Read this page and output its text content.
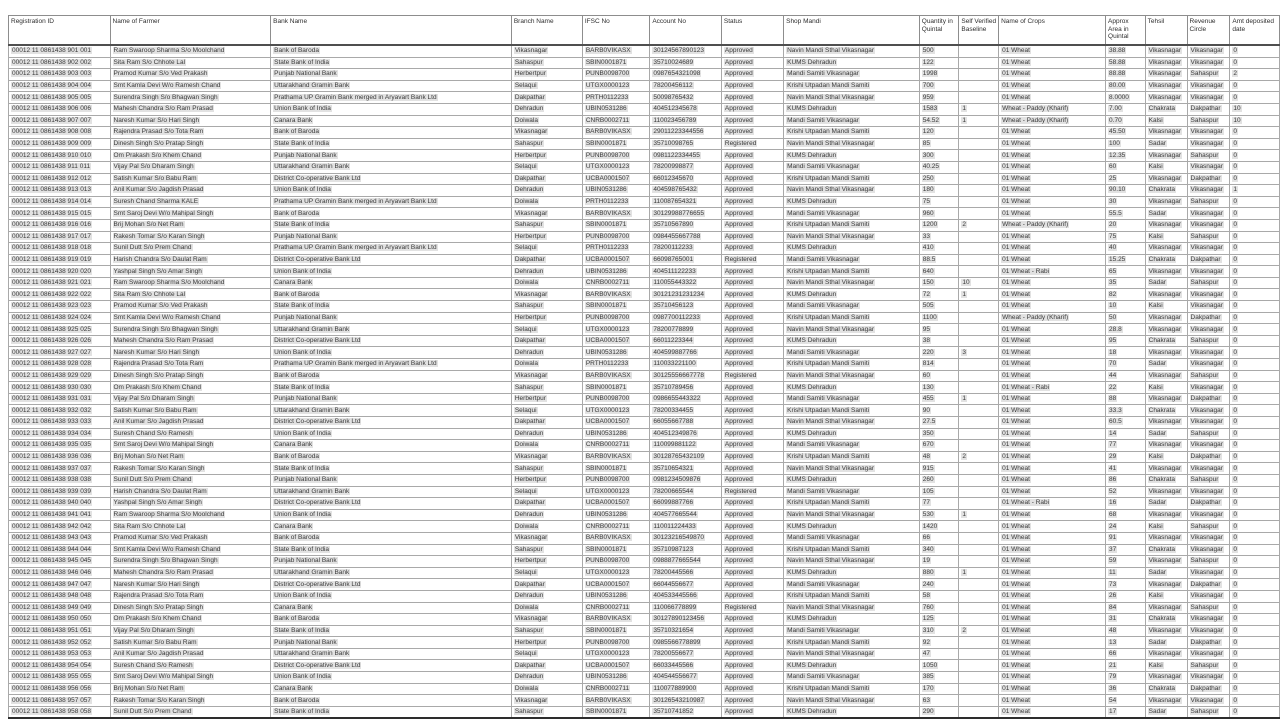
Registration ID	Name of Farmer	Bank Name	Branch Name	IFSC No	Account No	Status	Shop Mandi	Quantity in Quintal	Self Verified Baseline	Name of Crops	Approx Area in Quintal	Tehsil	Revenue Circle	Amt deposited date
00012 11 0861438 901 001	Ram Swaroop Sharma S/o Moolchand	Bank of Baroda	Vikasnagar	BARB0VIKASX	30124567890123	Approved	Navin Mandi Sthal Vikasnagar	500		01 Wheat	38.88	Vikasnagar	Vikasnagar	0
00012 11 0861438 902 002	Sita Ram S/o Chhote Lal	State Bank of India	Sahaspur	SBIN0001871	35710024689	Approved	KUMS Dehradun	122		01 Wheat	58.88	Vikasnagar	Vikasnagar	0
00012 11 0861438 903 003	Pramod Kumar S/o Ved Prakash	Punjab National Bank	Herbertpur	PUNB0098700	0987654321098	Approved	Mandi Samiti Vikasnagar	1998		01 Wheat	88.88	Vikasnagar	Sahaspur	2
00012 11 0861438 904 004	Smt Kamla Devi W/o Ramesh Chand	Uttarakhand Gramin Bank	Selaqui	UTGX0000123	78200456112	Approved	Krishi Utpadan Mandi Samiti	700		01 Wheat	80.00	Vikasnagar	Vikasnagar	0
00012 11 0861438 905 005	Surendra Singh S/o Bhagwan Singh	Prathama UP Gramin Bank merged in Aryavart Bank Ltd	Dakpathar	PRTH0112233	50098765432	Approved	Navin Mandi Sthal Vikasnagar	959		01 Wheat	8.0000	Vikasnagar	Vikasnagar	0
00012 11 0861438 906 006	Mahesh Chandra S/o Ram Prasad	Union Bank of India	Dehradun	UBIN0531286	404512345678	Approved	KUMS Dehradun	1583	1	Wheat - Paddy (Kharif)	7.00	Chakrata	Dakpathar	10
00012 11 0861438 907 007	Naresh Kumar S/o Hari Singh	Canara Bank	Doiwala	CNRB0002711	110023456789	Approved	Mandi Samiti Vikasnagar	54.52	1	Wheat - Paddy (Kharif)	0.70	Kalsi	Sahaspur	10
00012 11 0861438 908 008	Rajendra Prasad S/o Tota Ram	Bank of Baroda	Vikasnagar	BARB0VIKASX	29011223344556	Approved	Krishi Utpadan Mandi Samiti	120		01 Wheat	45.50	Vikasnagar	Vikasnagar	0
00012 11 0861438 909 009	Dinesh Singh S/o Pratap Singh	State Bank of India	Sahaspur	SBIN0001871	35710098765	Registered	Navin Mandi Sthal Vikasnagar	85		01 Wheat	100	Sadar	Vikasnagar	0
00012 11 0861438 910 010	Om Prakash S/o Khem Chand	Punjab National Bank	Herbertpur	PUNB0098700	0981122334455	Approved	KUMS Dehradun	300		01 Wheat	12.35	Vikasnagar	Sahaspur	0
00012 11 0861438 911 011	Vijay Pal S/o Dharam Singh	Uttarakhand Gramin Bank	Selaqui	UTGX0000123	78200998877	Approved	Mandi Samiti Vikasnagar	40.25		01 Wheat	60	Kalsi	Vikasnagar	0
00012 11 0861438 912 012	Satish Kumar S/o Babu Ram	District Co-operative Bank Ltd	Dakpathar	UCBA0001507	66012345670	Approved	Krishi Utpadan Mandi Samiti	250		01 Wheat	25	Vikasnagar	Dakpathar	0
00012 11 0861438 913 013	Anil Kumar S/o Jagdish Prasad	Union Bank of India	Dehradun	UBIN0531286	404598765432	Approved	Navin Mandi Sthal Vikasnagar	180		01 Wheat	90.10	Chakrata	Vikasnagar	1
00012 11 0861438 914 014	Suresh Chand Sharma KALE	Prathama UP Gramin Bank merged in Aryavart Bank Ltd	Doiwala	PRTH0112233	110087654321	Approved	KUMS Dehradun	75		01 Wheat	30	Vikasnagar	Sahaspur	0
00012 11 0861438 915 015	Smt Saroj Devi W/o Mahipal Singh	Bank of Baroda	Vikasnagar	BARB0VIKASX	30129988776655	Approved	Mandi Samiti Vikasnagar	960		01 Wheat	55.5	Sadar	Vikasnagar	0
00012 11 0861438 916 016	Brij Mohan S/o Net Ram	State Bank of India	Sahaspur	SBIN0001871	35710567890	Approved	Krishi Utpadan Mandi Samiti	1200	2	Wheat - Paddy (Kharif)	20	Vikasnagar	Vikasnagar	0
00012 11 0861438 917 017	Rakesh Tomar S/o Karan Singh	Punjab National Bank	Herbertpur	PUNB0098700	0984455667788	Approved	Navin Mandi Sthal Vikasnagar	33		01 Wheat	75	Kalsi	Sahaspur	0
00012 11 0861438 918 018	Sunil Dutt S/o Prem Chand	Prathama UP Gramin Bank merged in Aryavart Bank Ltd	Selaqui	PRTH0112233	78200112233	Approved	KUMS Dehradun	410		01 Wheat	40	Vikasnagar	Vikasnagar	0
00012 11 0861438 919 019	Harish Chandra S/o Daulat Ram	District Co-operative Bank Ltd	Dakpathar	UCBA0001507	66098765001	Registered	Mandi Samiti Vikasnagar	88.5		01 Wheat	15.25	Chakrata	Dakpathar	0
00012 11 0861438 920 020	Yashpal Singh S/o Amar Singh	Union Bank of India	Dehradun	UBIN0531286	404511122233	Approved	Krishi Utpadan Mandi Samiti	640		01 Wheat - Rabi	65	Vikasnagar	Vikasnagar	0
00012 11 0861438 921 021	Ram Swaroop Sharma S/o Moolchand	Canara Bank	Doiwala	CNRB0002711	110055443322	Approved	Navin Mandi Sthal Vikasnagar	150	10	01 Wheat	35	Sadar	Sahaspur	0
00012 11 0861438 922 022	Sita Ram S/o Chhote Lal	Bank of Baroda	Vikasnagar	BARB0VIKASX	30121231231234	Approved	KUMS Dehradun	72	1	01 Wheat	82	Vikasnagar	Vikasnagar	0
00012 11 0861438 923 023	Pramod Kumar S/o Ved Prakash	State Bank of India	Sahaspur	SBIN0001871	35710456123	Approved	Mandi Samiti Vikasnagar	505		01 Wheat	10	Kalsi	Vikasnagar	0
00012 11 0861438 924 024	Smt Kamla Devi W/o Ramesh Chand	Punjab National Bank	Herbertpur	PUNB0098700	0987700112233	Approved	Krishi Utpadan Mandi Samiti	1100		Wheat - Paddy (Kharif)	50	Vikasnagar	Dakpathar	0
00012 11 0861438 925 025	Surendra Singh S/o Bhagwan Singh	Uttarakhand Gramin Bank	Selaqui	UTGX0000123	78200778899	Approved	Navin Mandi Sthal Vikasnagar	95		01 Wheat	28.8	Vikasnagar	Vikasnagar	0
00012 11 0861438 926 026	Mahesh Chandra S/o Ram Prasad	District Co-operative Bank Ltd	Dakpathar	UCBA0001507	66011223344	Approved	KUMS Dehradun	38		01 Wheat	95	Chakrata	Sahaspur	0
00012 11 0861438 927 027	Naresh Kumar S/o Hari Singh	Union Bank of India	Dehradun	UBIN0531286	404599887766	Approved	Mandi Samiti Vikasnagar	220	3	01 Wheat	18	Vikasnagar	Vikasnagar	0
00012 11 0861438 928 028	Rajendra Prasad S/o Tota Ram	Prathama UP Gramin Bank merged in Aryavart Bank Ltd	Doiwala	PRTH0112233	110033221100	Approved	Krishi Utpadan Mandi Samiti	814		01 Wheat	70	Sadar	Vikasnagar	0
00012 11 0861438 929 029	Dinesh Singh S/o Pratap Singh	Bank of Baroda	Vikasnagar	BARB0VIKASX	30125556667778	Registered	Navin Mandi Sthal Vikasnagar	60		01 Wheat	44	Vikasnagar	Sahaspur	0
00012 11 0861438 930 030	Om Prakash S/o Khem Chand	State Bank of India	Sahaspur	SBIN0001871	35710789456	Approved	KUMS Dehradun	130		01 Wheat - Rabi	22	Kalsi	Vikasnagar	0
00012 11 0861438 931 031	Vijay Pal S/o Dharam Singh	Punjab National Bank	Herbertpur	PUNB0098700	0986655443322	Approved	Mandi Samiti Vikasnagar	455	1	01 Wheat	88	Vikasnagar	Dakpathar	0
00012 11 0861438 932 032	Satish Kumar S/o Babu Ram	Uttarakhand Gramin Bank	Selaqui	UTGX0000123	78200334455	Approved	Krishi Utpadan Mandi Samiti	90		01 Wheat	33.3	Chakrata	Vikasnagar	0
00012 11 0861438 933 033	Anil Kumar S/o Jagdish Prasad	District Co-operative Bank Ltd	Dakpathar	UCBA0001507	66055667788	Approved	Navin Mandi Sthal Vikasnagar	27.5		01 Wheat	60.5	Vikasnagar	Vikasnagar	0
00012 11 0861438 934 034	Suresh Chand S/o Ramesh	Union Bank of India	Dehradun	UBIN0531286	404512349876	Approved	KUMS Dehradun	350		01 Wheat	14	Sadar	Sahaspur	0
00012 11 0861438 935 035	Smt Saroj Devi W/o Mahipal Singh	Canara Bank	Doiwala	CNRB0002711	110099881122	Approved	Mandi Samiti Vikasnagar	670		01 Wheat	77	Vikasnagar	Vikasnagar	0
00012 11 0861438 936 036	Brij Mohan S/o Net Ram	Bank of Baroda	Vikasnagar	BARB0VIKASX	30128765432109	Approved	Krishi Utpadan Mandi Samiti	48	2	01 Wheat	29	Kalsi	Dakpathar	0
00012 11 0861438 937 037	Rakesh Tomar S/o Karan Singh	State Bank of India	Sahaspur	SBIN0001871	35710654321	Approved	Navin Mandi Sthal Vikasnagar	915		01 Wheat	41	Vikasnagar	Vikasnagar	0
00012 11 0861438 938 038	Sunil Dutt S/o Prem Chand	Punjab National Bank	Herbertpur	PUNB0098700	0981234509876	Approved	KUMS Dehradun	260		01 Wheat	86	Chakrata	Sahaspur	0
00012 11 0861438 939 039	Harish Chandra S/o Daulat Ram	Uttarakhand Gramin Bank	Selaqui	UTGX0000123	78200665544	Registered	Mandi Samiti Vikasnagar	105		01 Wheat	52	Vikasnagar	Vikasnagar	0
00012 11 0861438 940 040	Yashpal Singh S/o Amar Singh	District Co-operative Bank Ltd	Dakpathar	UCBA0001507	66099887766	Approved	Krishi Utpadan Mandi Samiti	77		01 Wheat - Rabi	16	Sadar	Dakpathar	0
00012 11 0861438 941 041	Ram Swaroop Sharma S/o Moolchand	Union Bank of India	Dehradun	UBIN0531286	404577665544	Approved	Navin Mandi Sthal Vikasnagar	530	1	01 Wheat	68	Vikasnagar	Vikasnagar	0
00012 11 0861438 942 042	Sita Ram S/o Chhote Lal	Canara Bank	Doiwala	CNRB0002711	110011224433	Approved	KUMS Dehradun	1420		01 Wheat	24	Kalsi	Sahaspur	0
00012 11 0861438 943 043	Pramod Kumar S/o Ved Prakash	Bank of Baroda	Vikasnagar	BARB0VIKASX	30123216549870	Approved	Mandi Samiti Vikasnagar	66		01 Wheat	91	Vikasnagar	Vikasnagar	0
00012 11 0861438 944 044	Smt Kamla Devi W/o Ramesh Chand	State Bank of India	Sahaspur	SBIN0001871	35710987123	Approved	Krishi Utpadan Mandi Samiti	340		01 Wheat	37	Chakrata	Vikasnagar	0
00012 11 0861438 945 045	Surendra Singh S/o Bhagwan Singh	Punjab National Bank	Herbertpur	PUNB0098700	0988877665544	Approved	Navin Mandi Sthal Vikasnagar	19		01 Wheat	59	Vikasnagar	Sahaspur	0
00012 11 0861438 946 046	Mahesh Chandra S/o Ram Prasad	Uttarakhand Gramin Bank	Selaqui	UTGX0000123	78200445566	Approved	KUMS Dehradun	880	1	01 Wheat	11	Sadar	Vikasnagar	0
00012 11 0861438 947 047	Naresh Kumar S/o Hari Singh	District Co-operative Bank Ltd	Dakpathar	UCBA0001507	66044556677	Approved	Mandi Samiti Vikasnagar	240		01 Wheat	73	Vikasnagar	Dakpathar	0
00012 11 0861438 948 048	Rajendra Prasad S/o Tota Ram	Union Bank of India	Dehradun	UBIN0531286	404533445566	Approved	Krishi Utpadan Mandi Samiti	58		01 Wheat	26	Kalsi	Vikasnagar	0
00012 11 0861438 949 049	Dinesh Singh S/o Pratap Singh	Canara Bank	Doiwala	CNRB0002711	110066778899	Registered	Navin Mandi Sthal Vikasnagar	760		01 Wheat	84	Vikasnagar	Sahaspur	0
00012 11 0861438 950 050	Om Prakash S/o Khem Chand	Bank of Baroda	Vikasnagar	BARB0VIKASX	30127890123456	Approved	KUMS Dehradun	125		01 Wheat	31	Chakrata	Vikasnagar	0
00012 11 0861438 951 051	Vijay Pal S/o Dharam Singh	State Bank of India	Sahaspur	SBIN0001871	35710321654	Approved	Mandi Samiti Vikasnagar	310	2	01 Wheat	48	Vikasnagar	Vikasnagar	0
00012 11 0861438 952 052	Satish Kumar S/o Babu Ram	Punjab National Bank	Herbertpur	PUNB0098700	0985566778899	Approved	Krishi Utpadan Mandi Samiti	92		01 Wheat	13	Sadar	Dakpathar	0
00012 11 0861438 953 053	Anil Kumar S/o Jagdish Prasad	Uttarakhand Gramin Bank	Selaqui	UTGX0000123	78200556677	Approved	Navin Mandi Sthal Vikasnagar	47		01 Wheat	66	Vikasnagar	Vikasnagar	0
00012 11 0861438 954 054	Suresh Chand S/o Ramesh	District Co-operative Bank Ltd	Dakpathar	UCBA0001507	66033445566	Approved	KUMS Dehradun	1050		01 Wheat	21	Kalsi	Sahaspur	0
00012 11 0861438 955 055	Smt Saroj Devi W/o Mahipal Singh	Union Bank of India	Dehradun	UBIN0531286	404544556677	Approved	Mandi Samiti Vikasnagar	385		01 Wheat	79	Vikasnagar	Vikasnagar	0
00012 11 0861438 956 056	Brij Mohan S/o Net Ram	Canara Bank	Doiwala	CNRB0002711	110077889900	Approved	Krishi Utpadan Mandi Samiti	170		01 Wheat	36	Chakrata	Dakpathar	0
00012 11 0861438 957 057	Rakesh Tomar S/o Karan Singh	Bank of Baroda	Vikasnagar	BARB0VIKASX	30126543210987	Approved	Navin Mandi Sthal Vikasnagar	63		01 Wheat	54	Vikasnagar	Vikasnagar	0
00012 11 0861438 958 058	Sunil Dutt S/o Prem Chand	State Bank of India	Sahaspur	SBIN0001871	35710741852	Approved	KUMS Dehradun	290		01 Wheat	17	Sadar	Sahaspur	0
